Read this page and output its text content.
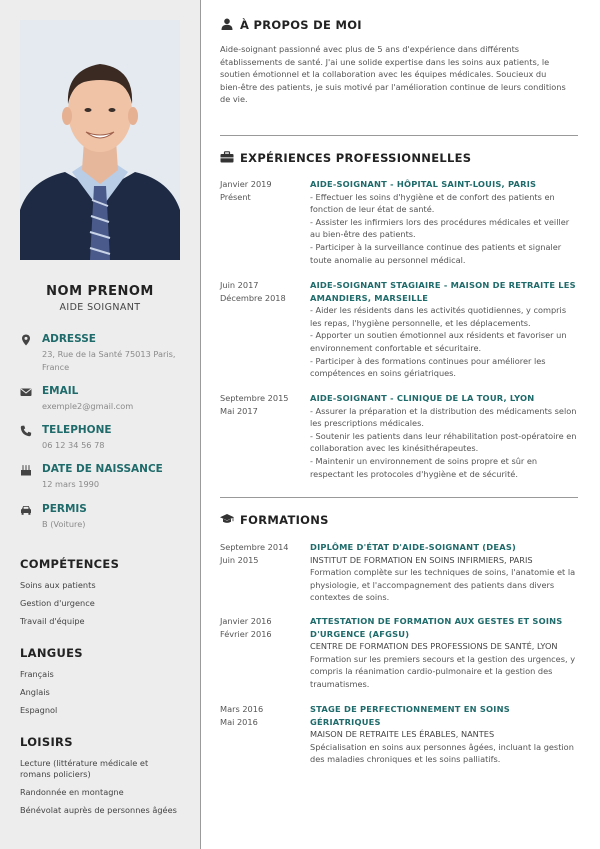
NOM PRENOM
AIDE SOIGNANT
ADRESSE
23, Rue de la Santé 75013 Paris, France
EMAIL
exemple2@gmail.com
TELEPHONE
06 12 34 56 78
DATE DE NAISSANCE
12 mars 1990
PERMIS
B (Voiture)
COMPÉTENCES
Soins aux patients
Gestion d'urgence
Travail d'équipe
LANGUES
Français
Anglais
Espagnol
LOISIRS
Lecture (littérature médicale et romans policiers)
Randonnée en montagne
Bénévolat auprès de personnes âgées
À PROPOS DE MOI
Aide-soignant passionné avec plus de 5 ans d'expérience dans différents
établissements de santé. J'ai une solide expertise dans les soins aux patients, le
soutien émotionnel et la collaboration avec les équipes médicales. Soucieux du
bien-être des patients, je suis motivé par l'amélioration continue de leurs conditions
de vie.
EXPÉRIENCES PROFESSIONNELLES
Janvier 2019
Présent
AIDE-SOIGNANT - HÔPITAL SAINT-LOUIS, PARIS
- Effectuer les soins d'hygiène et de confort des patients en
fonction de leur état de santé.
- Assister les infirmiers lors des procédures médicales et veiller
au bien-être des patients.
- Participer à la surveillance continue des patients et signaler
toute anomalie au personnel médical.
Juin 2017
Décembre 2018
AIDE-SOIGNANT STAGIAIRE - MAISON DE RETRAITE LES
AMANDIERS, MARSEILLE
- Aider les résidents dans les activités quotidiennes, y compris
les repas, l'hygiène personnelle, et les déplacements.
- Apporter un soutien émotionnel aux résidents et favoriser un
environnement confortable et sécuritaire.
- Participer à des formations continues pour améliorer les
compétences en soins gériatriques.
Septembre 2015
Mai 2017
AIDE-SOIGNANT - CLINIQUE DE LA TOUR, LYON
- Assurer la préparation et la distribution des médicaments selon
les prescriptions médicales.
- Soutenir les patients dans leur réhabilitation post-opératoire en
collaboration avec les kinésithérapeutes.
- Maintenir un environnement de soins propre et sûr en
respectant les protocoles d'hygiène et de sécurité.
FORMATIONS
Septembre 2014
Juin 2015
DIPLÔME D'ÉTAT D'AIDE-SOIGNANT (DEAS)
INSTITUT DE FORMATION EN SOINS INFIRMIERS, PARIS
Formation complète sur les techniques de soins, l'anatomie et la
physiologie, et l'accompagnement des patients dans divers
contextes de soins.
Janvier 2016
Février 2016
ATTESTATION DE FORMATION AUX GESTES ET SOINS
D'URGENCE (AFGSU)
CENTRE DE FORMATION DES PROFESSIONS DE SANTÉ, LYON
Formation sur les premiers secours et la gestion des urgences, y
compris la réanimation cardio-pulmonaire et la gestion des
traumatismes.
Mars 2016
Mai 2016
STAGE DE PERFECTIONNEMENT EN SOINS GÉRIATRIQUES
MAISON DE RETRAITE LES ÉRABLES, NANTES
Spécialisation en soins aux personnes âgées, incluant la gestion
des maladies chroniques et les soins palliatifs.
